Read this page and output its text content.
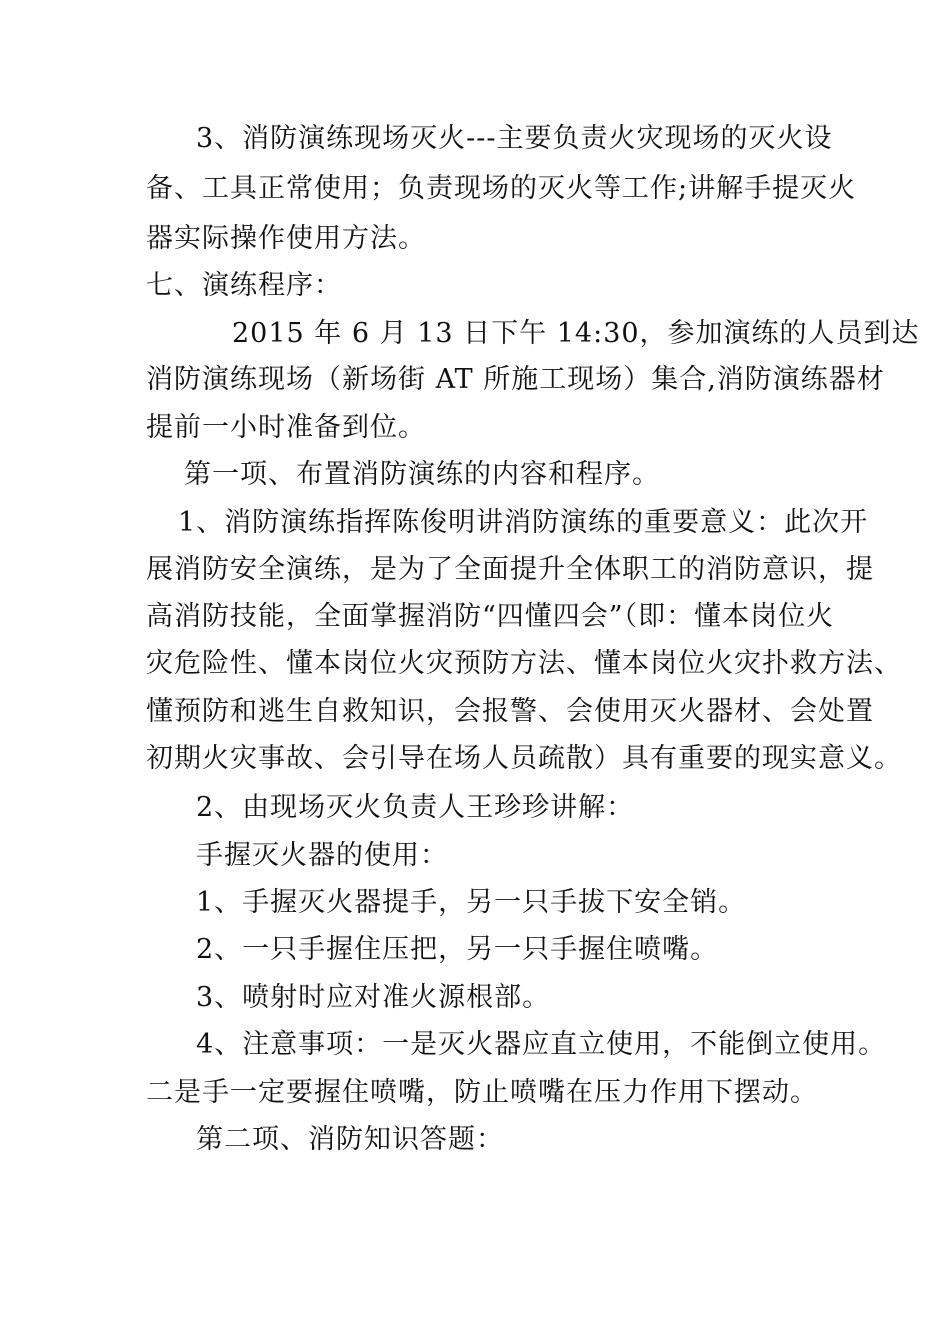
3、消防演练现场灭火---主要负责火灾现场的灭火设
备、工具正常使用；负责现场的灭火等工作;讲解手提灭火
器实际操作使用方法。
七、演练程序：
2015 年 6 月 13 日下午 14:30，参加演练的人员到达
消防演练现场（新场街 AT 所施工现场）集合,消防演练器材
提前一小时准备到位。
第一项、布置消防演练的内容和程序。
1、消防演练指挥陈俊明讲消防演练的重要意义：此次开
展消防安全演练，是为了全面提升全体职工的消防意识，提
高消防技能，全面掌握消防“四懂四会”（即：懂本岗位火
灾危险性、懂本岗位火灾预防方法、懂本岗位火灾扑救方法、
懂预防和逃生自救知识，会报警、会使用灭火器材、会处置
初期火灾事故、会引导在场人员疏散）具有重要的现实意义。
2、由现场灭火负责人王珍珍讲解：
手握灭火器的使用：
1、手握灭火器提手，另一只手拔下安全销。
2、一只手握住压把，另一只手握住喷嘴。
3、喷射时应对准火源根部。
4、注意事项：一是灭火器应直立使用，不能倒立使用。
二是手一定要握住喷嘴，防止喷嘴在压力作用下摆动。
第二项、消防知识答题：
